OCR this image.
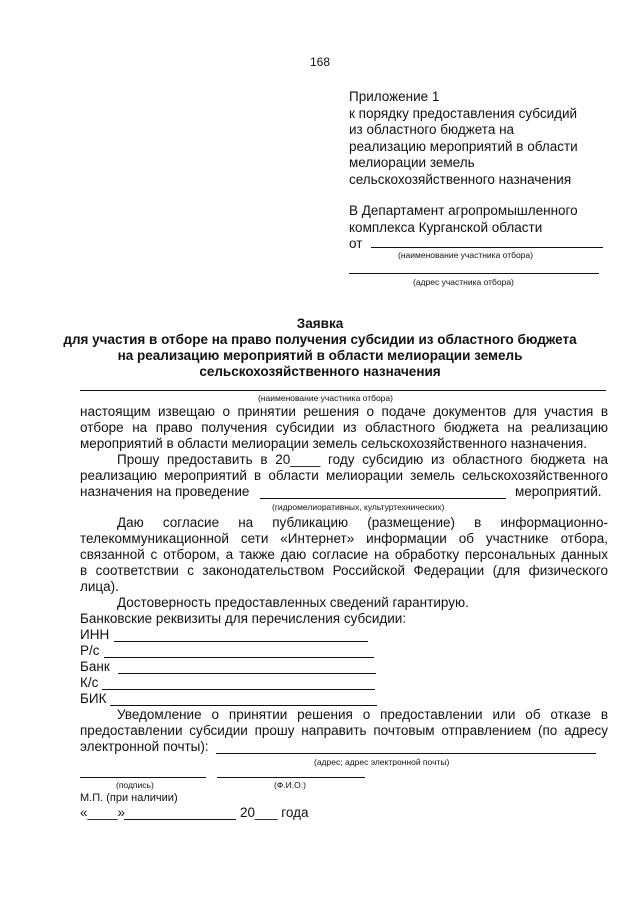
168
Приложение 1
к порядку предоставления субсидий
из областного бюджета на
реализацию мероприятий в области
мелиорации земель
сельскохозяйственного назначения
В Департамент агропромышленного
комплекса Курганской области
от
(наименование участника отбора)
(адрес участника отбора)
Заявка
для участия в отборе на право получения субсидии из областного бюджета
на реализацию мероприятий в области мелиорации земель
сельскохозяйственного назначения
(наименование участника отбора)
настоящим извещаю о принятии решения о подаче документов для участия в
отборе на право получения субсидии из областного бюджета на реализацию
мероприятий в области мелиорации земель сельскохозяйственного назначения.
Прошу предоставить в 20____ году субсидию из областного бюджета на
реализацию мероприятий в области мелиорации земель сельскохозяйственного
назначения на проведение	мероприятий.
(гидромелиоративных, культуртехнических)
Даю согласие на публикацию (размещение) в информационно-
телекоммуникационной сети «Интернет» информации об участнике отбора,
связанной с отбором, а также даю согласие на обработку персональных данных
в соответствии с законодательством Российской Федерации (для физического
лица).
Достоверность предоставленных сведений гарантирую.
Банковские реквизиты для перечисления субсидии:
ИНН
Р/с
Банк
К/с
БИК
Уведомление о принятии решения о предоставлении или об отказе в
предоставлении субсидии прошу направить почтовым отправлением (по адресу
электронной почты):
(адрес; адрес электронной почты)
(подпись)	(Ф.И.О.)
М.П. (при наличии)
«____»	20___ года
